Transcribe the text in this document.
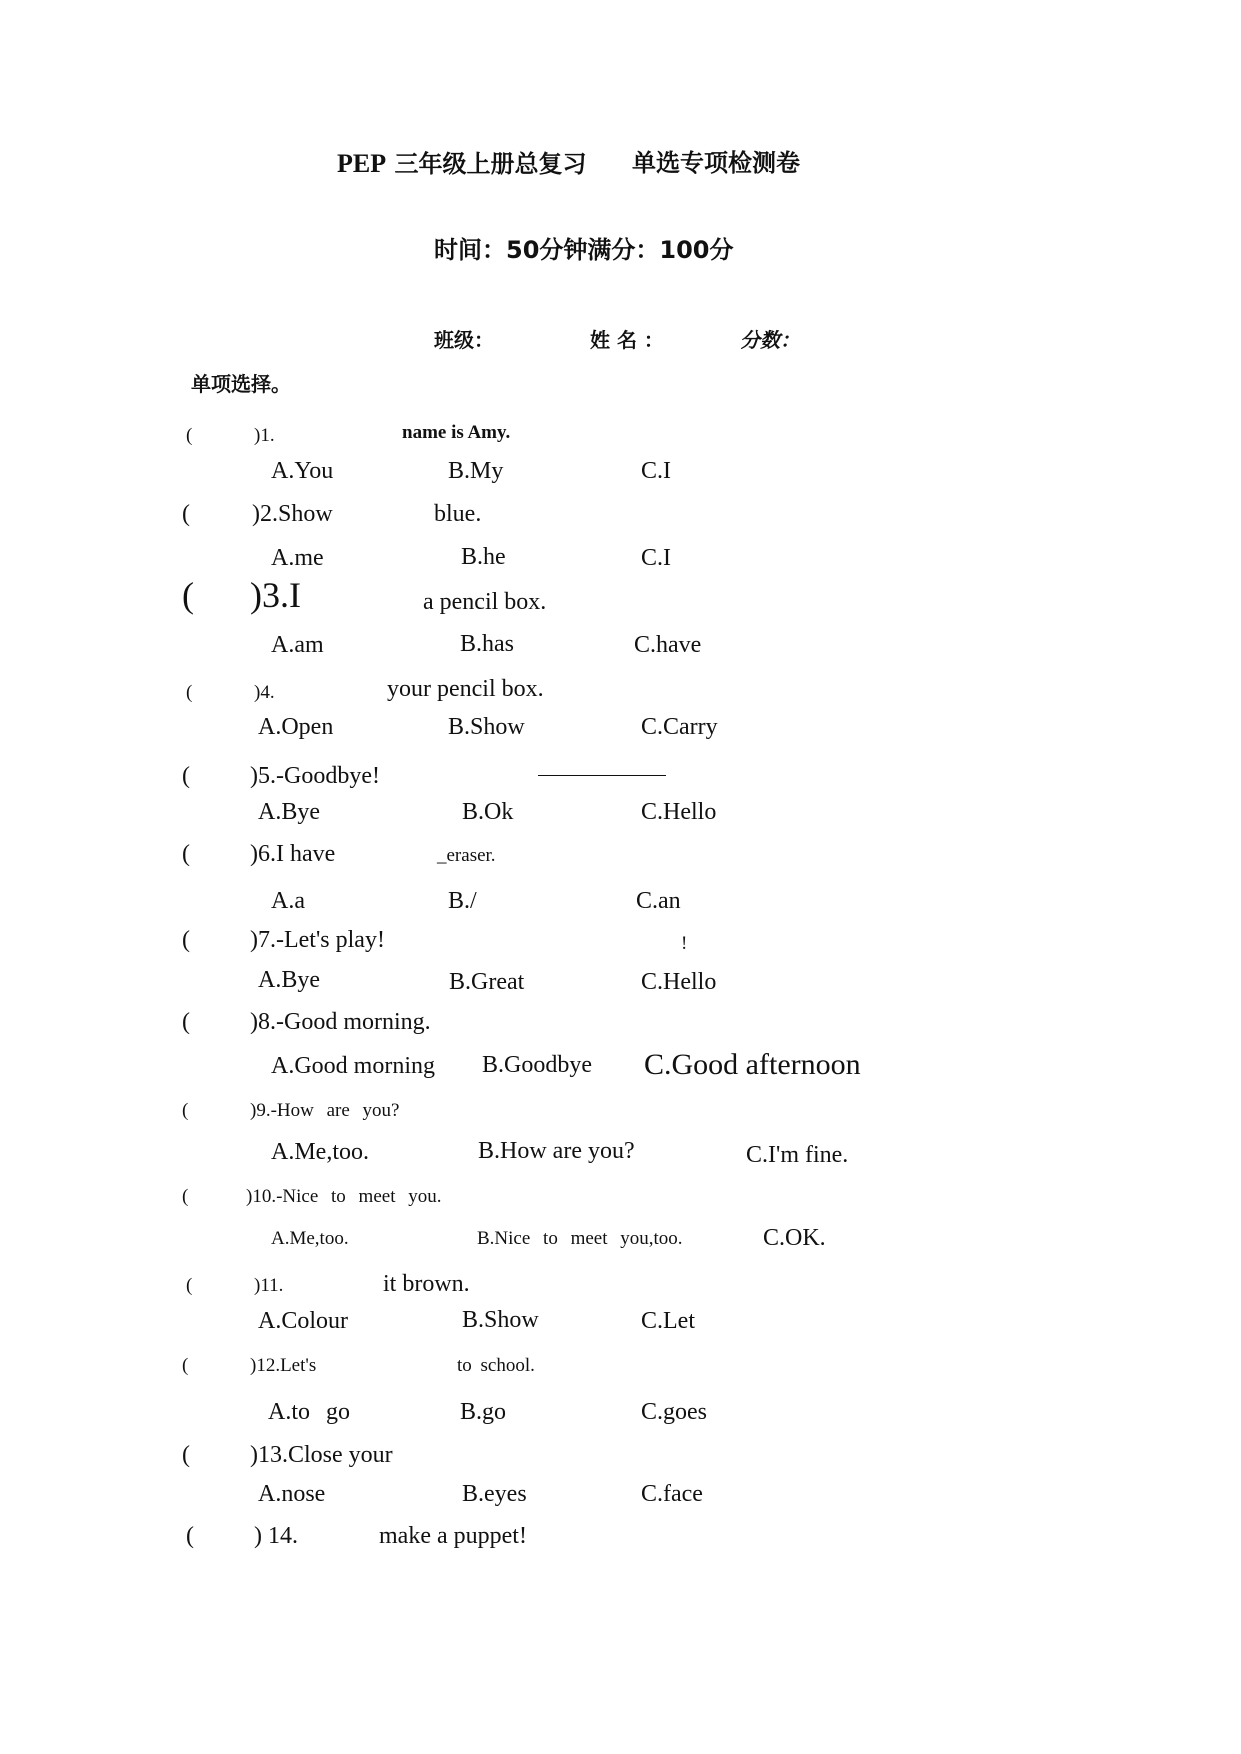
PEP 三年级上册总复习 单选专项检测卷
时间：50分钟满分：100分
班级：	姓 名 ：	分数：
单项选择。
(	)1.	name is Amy.
A.You	B.My	C.I
(	)2.Show	blue.
A.me	B.he	C.I
( )3.I	a pencil box.
A.am	B.has	C.have
(	)4.	your pencil box.
A.Open	B.Show	C.Carry
(	)5.-Goodbye!
A.Bye	B.Ok	C.Hello
(	)6.I have	_eraser.
A.a	B./	C.an
(	)7.-Let's play!	!
A.Bye	B.Great	C.Hello
(	)8.-Good morning.
A.Good morning B.Goodbye C.Good afternoon
(	)9.-How are you?
A.Me,too.	B.How are you?	C.I'm fine.
(	)10.-Nice to meet you.
A.Me,too.	B.Nice to meet you,too.	C.OK.
(	)11.	it brown.
A.Colour	B.Show	C.Let
(	)12.Let's	to school.
A.to go	B.go	C.goes
(	)13.Close your
A.nose	B.eyes	C.face
(	) 14.	make a puppet!
